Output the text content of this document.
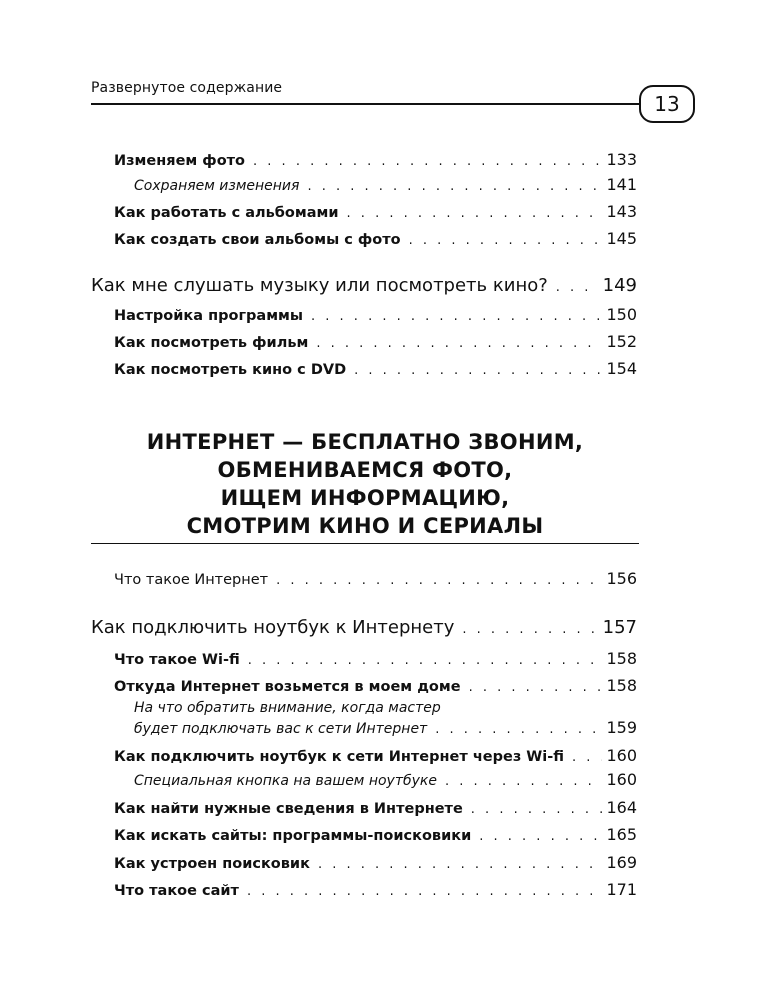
Развернутое содержание
13
Изменяем фото . . .	133
Сохраняем изменения . . .	141
Как работать с альбомами . . .	143
Как создать свои альбомы с фото . . .	145
Как мне слушать музыку или посмотреть кино? . . .	149
Настройка программы . . .	150
Как посмотреть фильм . . .	152
Как посмотреть кино с DVD . . .	154
ИНТЕРНЕТ — БЕСПЛАТНО ЗВОНИМ,
ОБМЕНИВАЕМСЯ ФОТО,
ИЩЕМ ИНФОРМАЦИЮ,
СМОТРИМ КИНО И СЕРИАЛЫ
Что такое Интернет . . .	156
Как подключить ноутбук к Интернету . . .	157
Что такое Wi-fi . . .	158
Откуда Интернет возьмется в моем доме . . .	158
На что обратить внимание, когда мастер
будет подключать вас к сети Интернет . . .	159
Как подключить ноутбук к сети Интернет через Wi-fi . . .	160
Специальная кнопка на вашем ноутбуке . . .	160
Как найти нужные сведения в Интернете . . .	164
Как искать сайты: программы-поисковики . . .	165
Как устроен поисковик . . .	169
Что такое сайт . . .	171
